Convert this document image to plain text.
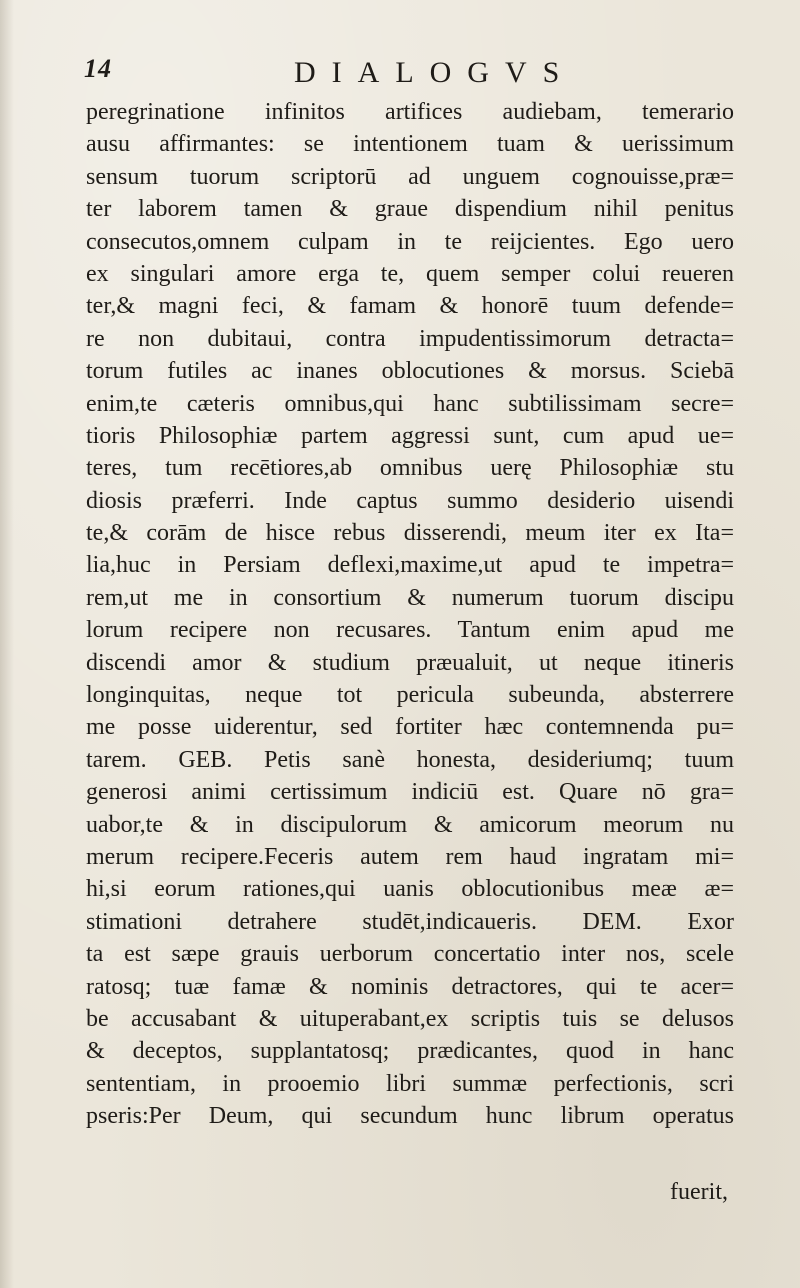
14	DIALOGVS
peregrinatione infinitos artifices audiebam, temerario
ausu affirmantes: se intentionem tuam & uerissimum
sensum tuorum scriptorū ad unguem cognouisse,præ=
ter laborem tamen & graue dispendium nihil penitus
consecutos,omnem culpam in te reijcientes. Ego uero
ex singulari amore erga te, quem semper colui reueren
ter,& magni feci, & famam & honorē tuum defende=
re non dubitaui, contra impudentissimorum detracta=
torum futiles ac inanes oblocutiones & morsus. Sciebā
enim,te cæteris omnibus,qui hanc subtilissimam secre=
tioris Philosophiæ partem aggressi sunt, cum apud ue=
teres, tum recētiores,ab omnibus uerę Philosophiæ stu
diosis præferri. Inde captus summo desiderio uisendi
te,& corām de hisce rebus disserendi, meum iter ex Ita=
lia,huc in Persiam deflexi,maxime,ut apud te impetra=
rem,ut me in consortium & numerum tuorum discipu
lorum recipere non recusares. Tantum enim apud me
discendi amor & studium præualuit, ut neque itineris
longinquitas, neque tot pericula subeunda, absterrere
me posse uiderentur, sed fortiter hæc contemnenda pu=
tarem. GEB. Petis sanè honesta, desideriumq; tuum
generosi animi certissimum indiciū est. Quare nō gra=
uabor,te & in discipulorum & amicorum meorum nu
merum recipere.Feceris autem rem haud ingratam mi=
hi,si eorum rationes,qui uanis oblocutionibus meæ æ=
stimationi detrahere studēt,indicaueris. DEM. Exor
ta est sæpe grauis uerborum concertatio inter nos, scele
ratosq; tuæ famæ & nominis detractores, qui te acer=
be accusabant & uituperabant,ex scriptis tuis se delusos
& deceptos, supplantatosq; prædicantes, quod in hanc
sententiam, in prooemio libri summæ perfectionis, scri
pseris:Per Deum, qui secundum hunc librum operatus
fuerit,
